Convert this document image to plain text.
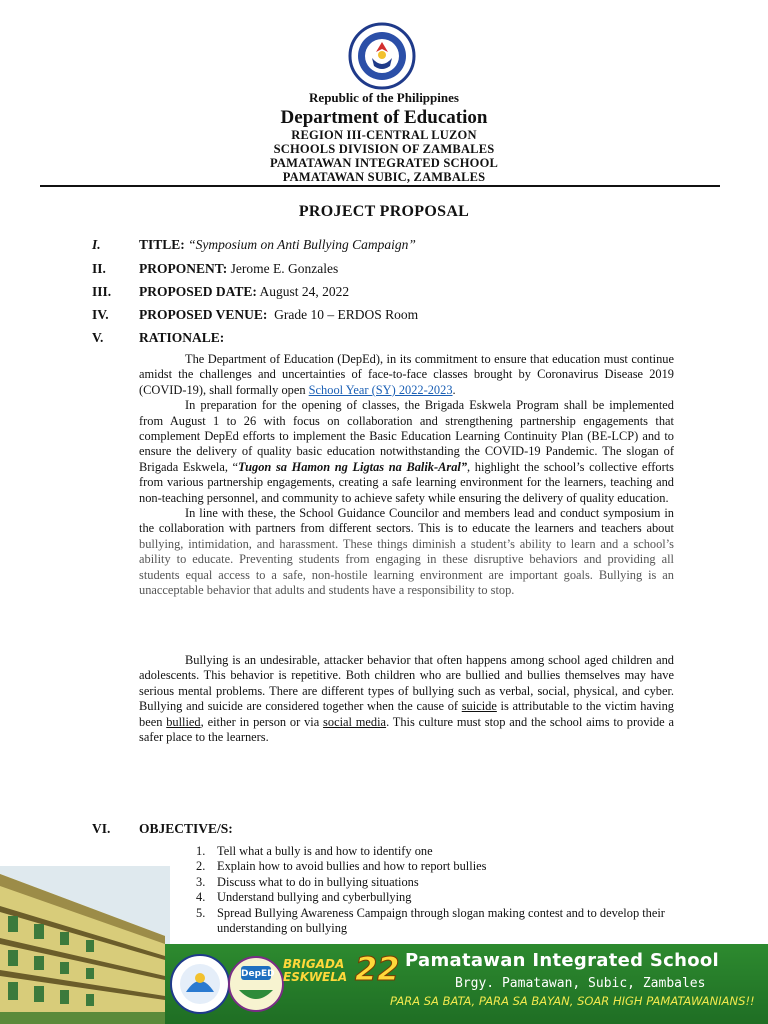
Republic of the Philippines
Department of Education
REGION III-CENTRAL LUZON
SCHOOLS DIVISION OF ZAMBALES
PAMATAWAN INTEGRATED SCHOOL
PAMATAWAN SUBIC, ZAMBALES
PROJECT PROPOSAL
I.	TITLE: “Symposium on Anti Bullying Campaign”
II. PROPONENT: Jerome E. Gonzales
III. PROPOSED DATE: August 24, 2022
IV. PROPOSED VENUE: Grade 10 – ERDOS Room
V.	RATIONALE:

The Department of Education (DepEd), in its commitment to ensure that education must continue amidst the challenges and uncertainties of face-to-face classes brought by Coronavirus Disease 2019 (COVID-19), shall formally open School Year (SY) 2022-2023.

In preparation for the opening of classes, the Brigada Eskwela Program shall be implemented from August 1 to 26 with focus on collaboration and strengthening partnership engagements that complement DepEd efforts to implement the Basic Education Learning Continuity Plan (BE-LCP) and to ensure the delivery of quality basic education notwithstanding the COVID-19 Pandemic. The slogan of Brigada Eskwela, “Tugon sa Hamon ng Ligtas na Balik-Aral”, highlight the school’s collective efforts from various partnership engagements, creating a safe learning environment for the learners, teaching and non-teaching personnel, and community to achieve safety while ensuring the delivery of quality education.

In line with these, the School Guidance Councilor and members lead and conduct symposium in the collaboration with partners from different sectors. This is to educate the learners and teachers about bullying, intimidation, and harassment. These things diminish a student’s ability to learn and a school’s ability to educate. Preventing students from engaging in these disruptive behaviors and providing all students equal access to a safe, non-hostile learning environment are important goals. Bullying is an unacceptable behavior that adults and students have a responsibility to stop.

Bullying is an undesirable, attacker behavior that often happens among school aged children and adolescents. This behavior is repetitive. Both children who are bullied and bullies themselves may have serious mental problems. There are different types of bullying such as verbal, social, physical, and cyber. Bullying and suicide are considered together when the cause of suicide is attributable to the victim having been bullied, either in person or via social media. This culture must stop and the school aims to provide a safer place to the learners.

VI. OBJECTIVE/S:
1. Tell what a bully is and how to identify one
2. Explain how to avoid bullies and how to report bullies
3. Discuss what to do in bullying situations
4. Understand bullying and cyberbullying
5. Spread Bullying Awareness Campaign through slogan making contest and to develop their understanding on bullying
DepED
BRIGADA
ESKWELA 22 Pamatawan Integrated School
Brgy. Pamatawan, Subic, Zambales
PARA SA BATA, PARA SA BAYAN, SOAR HIGH PAMATAWANIANS!!
